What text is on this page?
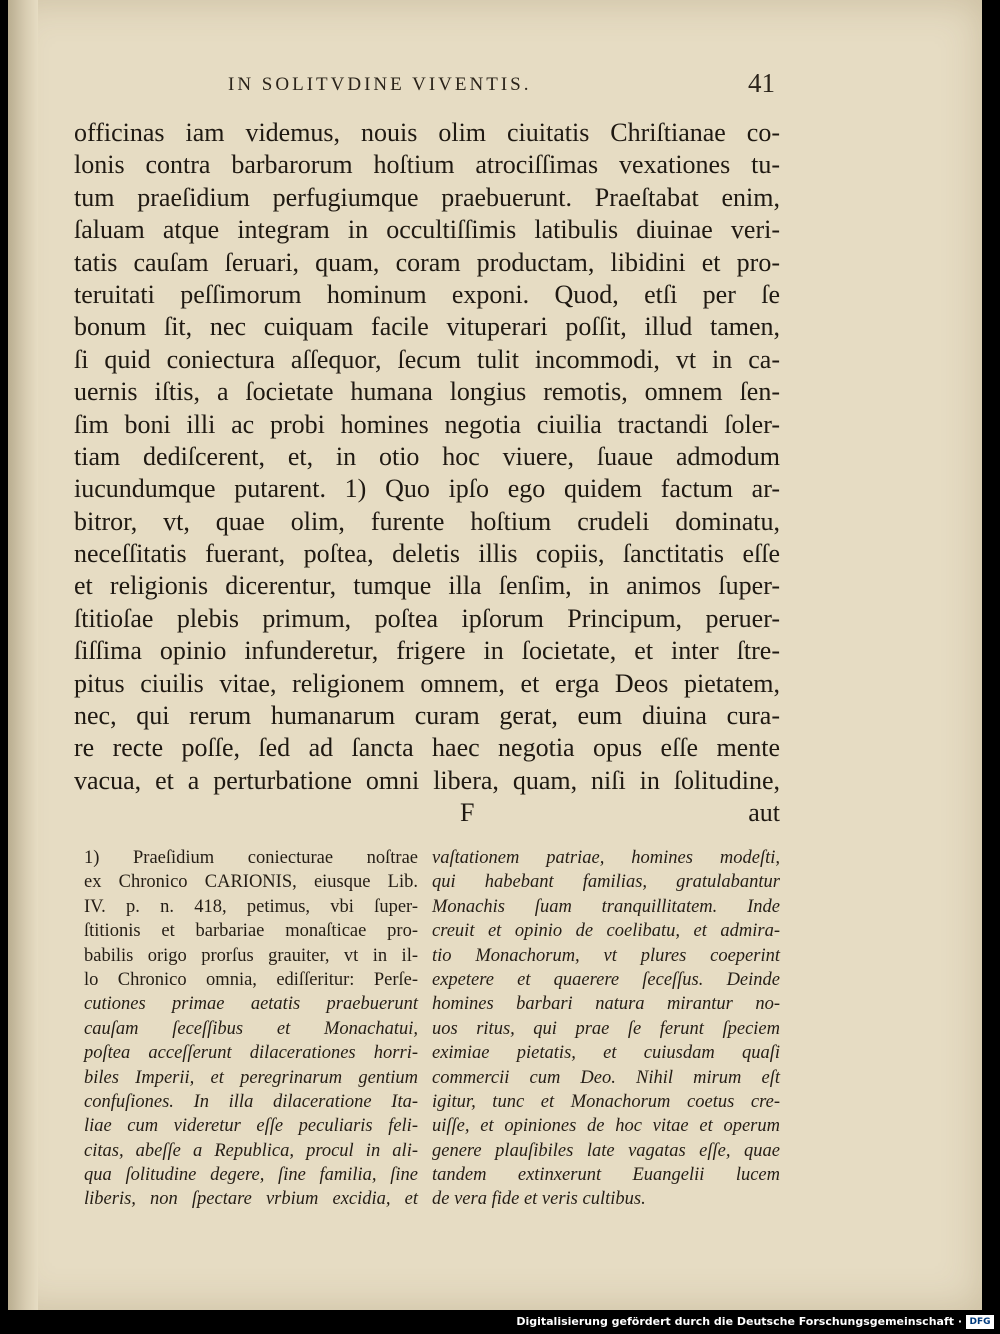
IN SOLITVDINE VIVENTIS.	41
officinas iam videmus, nouis olim ciuitatis Chriſtianae co-
lonis contra barbarorum hoſtium atrociſſimas vexationes tu-
tum praeſidium perfugiumque praebuerunt. Praeſtabat enim,
ſaluam atque integram in occultiſſimis latibulis diuinae veri-
tatis cauſam ſeruari, quam, coram productam, libidini et pro-
teruitati peſſimorum hominum exponi. Quod, etſi per ſe
bonum ſit, nec cuiquam facile vituperari poſſit, illud tamen,
ſi quid coniectura aſſequor, ſecum tulit incommodi, vt in ca-
uernis iſtis, a ſocietate humana longius remotis, omnem ſen-
ſim boni illi ac probi homines negotia ciuilia tractandi ſoler-
tiam dediſcerent, et, in otio hoc viuere, ſuaue admodum
iucundumque putarent. 1) Quo ipſo ego quidem factum ar-
bitror, vt, quae olim, furente hoſtium crudeli dominatu,
neceſſitatis fuerant, poſtea, deletis illis copiis, ſanctitatis eſſe
et religionis dicerentur, tumque illa ſenſim, in animos ſuper-
ſtitioſae plebis primum, poſtea ipſorum Principum, peruer-
ſiſſima opinio infunderetur, frigere in ſocietate, et inter ſtre-
pitus ciuilis vitae, religionem omnem, et erga Deos pietatem,
nec, qui rerum humanarum curam gerat, eum diuina cura-
re recte poſſe, ſed ad ſancta haec negotia opus eſſe mente
vacua, et a perturbatione omni libera, quam, niſi in ſolitudine,
F	aut
1) Praeſidium coniecturae noſtrae
ex Chronico CARIONIS, eiusque Lib.
IV. p. n. 418, petimus, vbi ſuper-
ſtitionis et barbariae monaſticae pro-
babilis origo prorſus grauiter, vt in il-
lo Chronico omnia, ediſſeritur: Perſe-
cutiones primae aetatis praebuerunt
cauſam ſeceſſibus et Monachatui,
poſtea acceſſerunt dilacerationes horri-
biles Imperii, et peregrinarum gentium
confuſiones. In illa dilaceratione Ita-
liae cum videretur eſſe peculiaris feli-
citas, abeſſe a Republica, procul in ali-
qua ſolitudine degere, ſine familia, ſine
liberis, non ſpectare vrbium excidia, et
vaſtationem patriae, homines modeſti,
qui habebant familias, gratulabantur
Monachis ſuam tranquillitatem. Inde
creuit et opinio de coelibatu, et admira-
tio Monachorum, vt plures coeperint
expetere et quaerere ſeceſſus. Deinde
homines barbari natura mirantur no-
uos ritus, qui prae ſe ferunt ſpeciem
eximiae pietatis, et cuiusdam quaſi
commercii cum Deo. Nihil mirum eſt
igitur, tunc et Monachorum coetus cre-
uiſſe, et opiniones de hoc vitae et operum
genere plauſibiles late vagatas eſſe, quae
tandem extinxerunt Euangelii lucem
de vera fide et veris cultibus.
Digitalisierung gefördert durch die Deutsche Forschungsgemeinschaft · DFG
